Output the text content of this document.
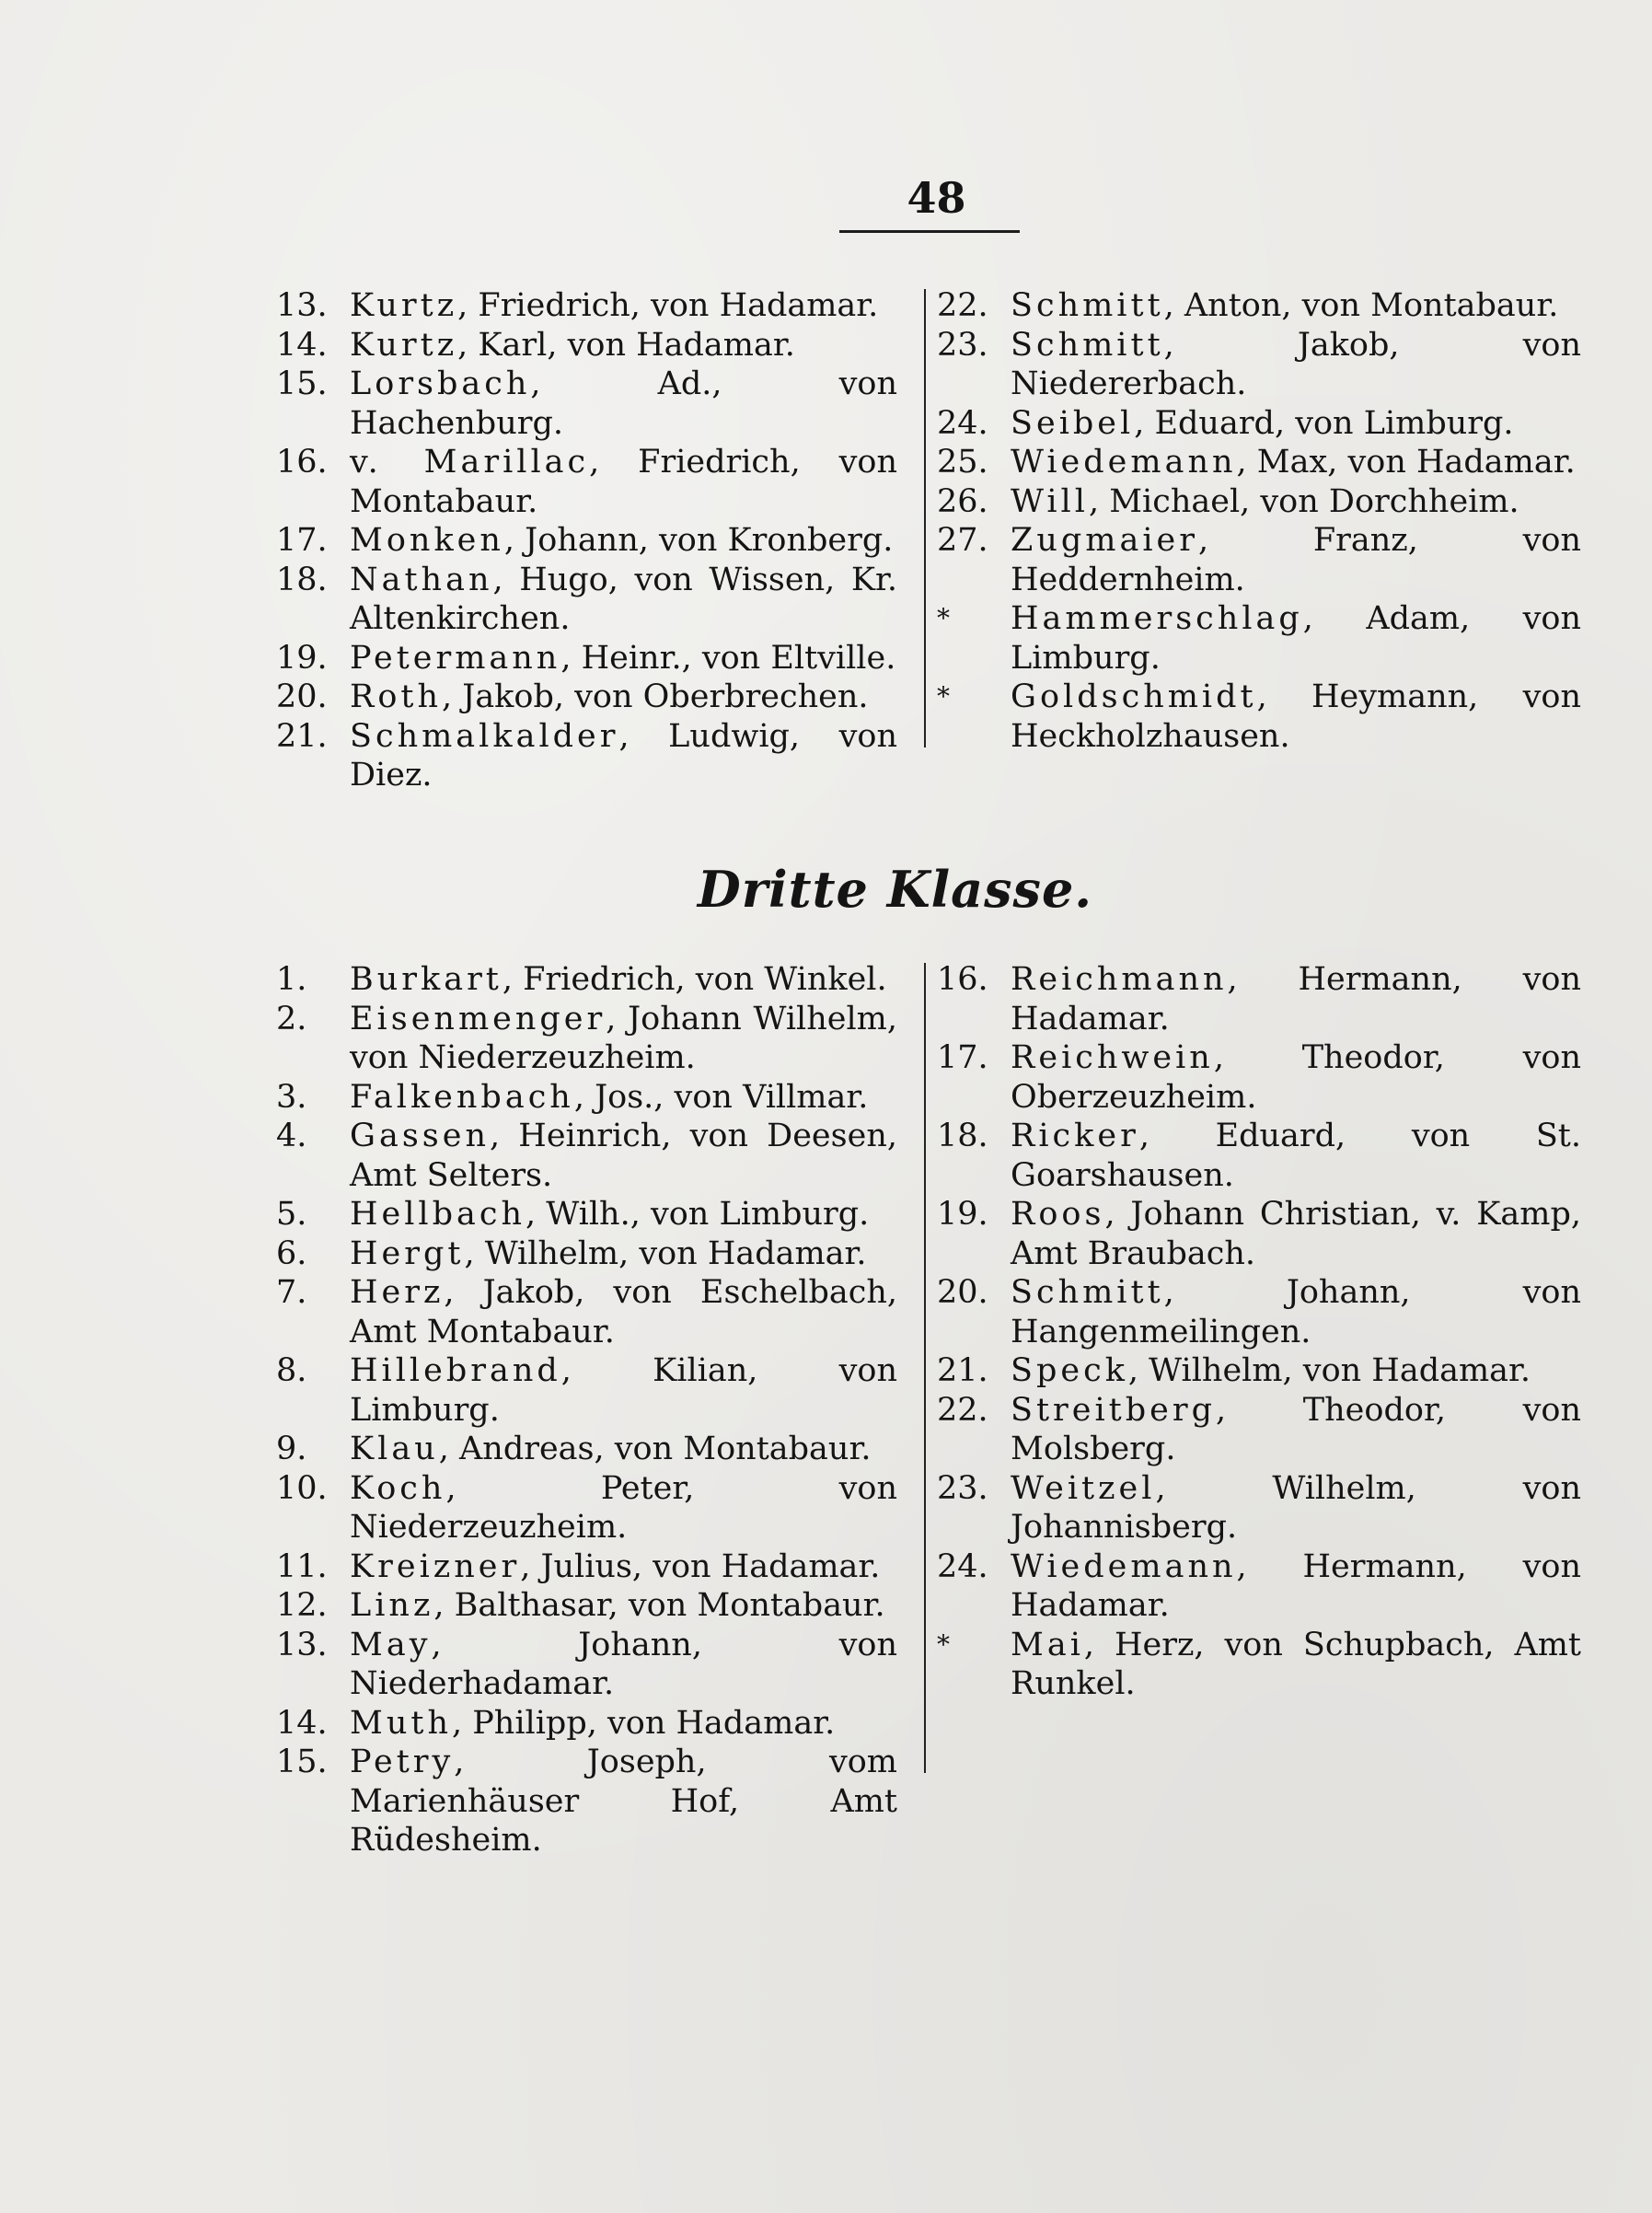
48
13. Kurtz, Friedrich, von Hadamar.
14. Kurtz, Karl, von Hadamar.
15. Lorsbach, Ad., von Hachenburg.
16. v. Marillac, Friedrich, von Montabaur.
17. Monken, Johann, von Kronberg.
18. Nathan, Hugo, von Wissen, Kr. Altenkirchen.
19. Petermann, Heinr., von Eltville.
20. Roth, Jakob, von Oberbrechen.
21. Schmalkalder, Ludwig, von Diez.
22. Schmitt, Anton, von Montabaur.
23. Schmitt, Jakob, von Niedererbach.
24. Seibel, Eduard, von Limburg.
25. Wiedemann, Max, von Hadamar.
26. Will, Michael, von Dorchheim.
27. Zugmaier, Franz, von Heddernheim.
*	Hammerschlag, Adam, von Limburg.
*	Goldschmidt, Heymann, von Heckholzhausen.
Dritte Klasse.
1.	Burkart, Friedrich, von Winkel.
2.	Eisenmenger, Johann Wilhelm, von Niederzeuzheim.
3.	Falkenbach, Jos., von Villmar.
4.	Gassen, Heinrich, von Deesen, Amt Selters.
5.	Hellbach, Wilh., von Limburg.
6.	Hergt, Wilhelm, von Hadamar.
7.	Herz, Jakob, von Eschelbach, Amt Montabaur.
8.	Hillebrand, Kilian, von Limburg.
9.	Klau, Andreas, von Montabaur.
10. Koch, Peter, von Niederzeuzheim.
11. Kreizner, Julius, von Hadamar.
12. Linz, Balthasar, von Montabaur.
13. May, Johann, von Niederhadamar.
14. Muth, Philipp, von Hadamar.
15. Petry, Joseph, vom Marienhäuser Hof, Amt Rüdesheim.
16. Reichmann, Hermann, von Hadamar.
17. Reichwein, Theodor, von Oberzeuzheim.
18. Ricker, Eduard, von St. Goarshausen.
19. Roos, Johann Christian, v. Kamp, Amt Braubach.
20. Schmitt, Johann, von Hangenmeilingen.
21. Speck, Wilhelm, von Hadamar.
22. Streitberg, Theodor, von Molsberg.
23. Weitzel, Wilhelm, von Johannisberg.
24. Wiedemann, Hermann, von Hadamar.
*	Mai, Herz, von Schupbach, Amt Runkel.
